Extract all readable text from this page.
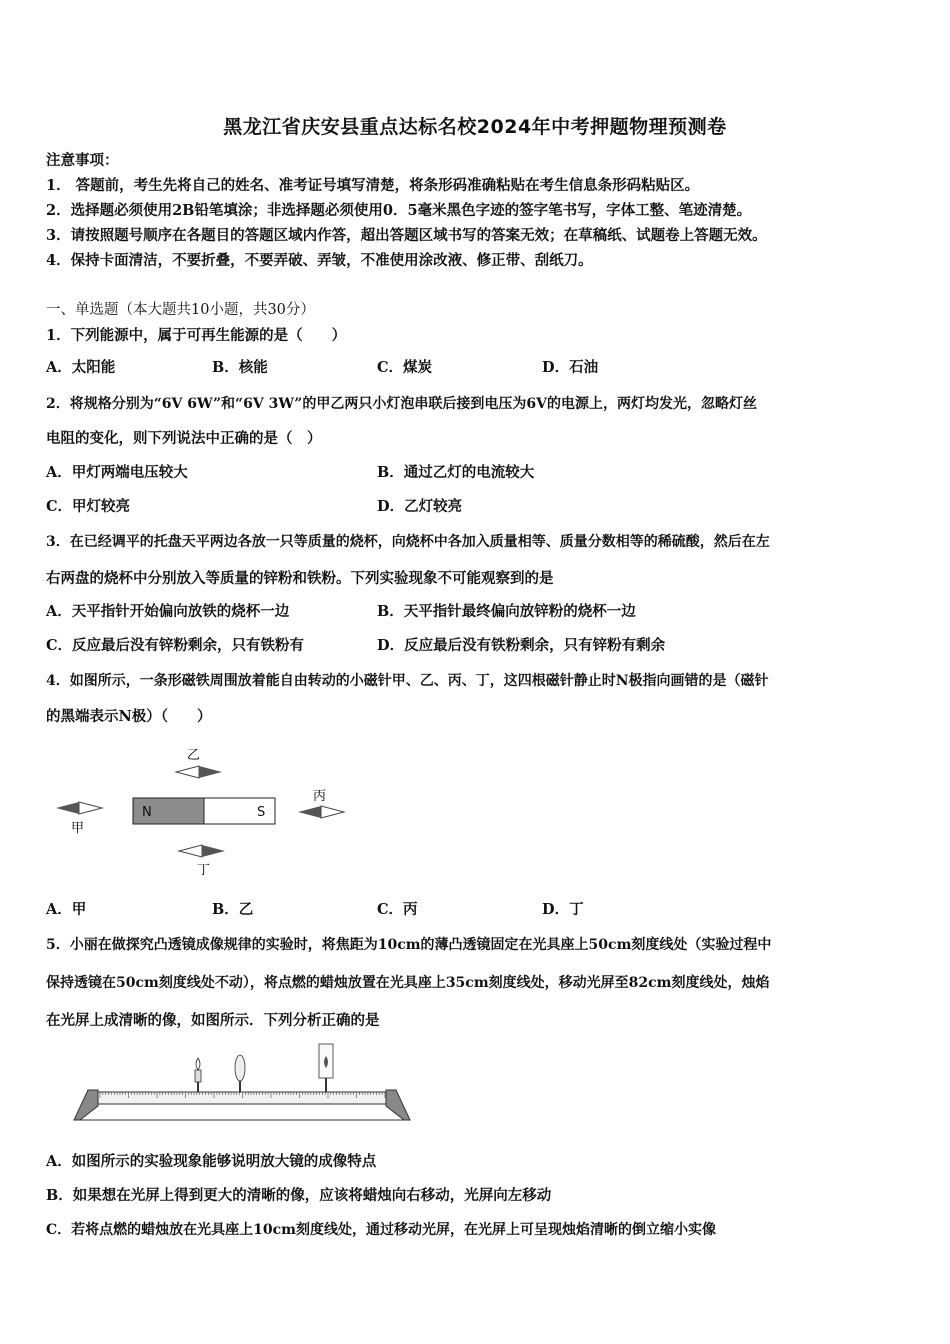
黑龙江省庆安县重点达标名校2024年中考押题物理预测卷
注意事项：
1． 答题前，考生先将自己的姓名、准考证号填写清楚，将条形码准确粘贴在考生信息条形码粘贴区。
2．选择题必须使用2B铅笔填涂；非选择题必须使用0．5毫米黑色字迹的签字笔书写，字体工整、笔迹清楚。
3．请按照题号顺序在各题目的答题区域内作答，超出答题区域书写的答案无效；在草稿纸、试题卷上答题无效。
4．保持卡面清洁，不要折叠，不要弄破、弄皱，不准使用涂改液、修正带、刮纸刀。
一、单选题（本大题共10小题，共30分）
1．下列能源中，属于可再生能源的是（　　）
A．太阳能	B．核能	C．煤炭	D．石油
2．将规格分别为“6V 6W”和“6V 3W”的甲乙两只小灯泡串联后接到电压为6V的电源上，两灯均发光，忽略灯丝
电阻的变化，则下列说法中正确的是（　）
A．甲灯两端电压较大	B．通过乙灯的电流较大
C．甲灯较亮	D．乙灯较亮
3．在已经调平的托盘天平两边各放一只等质量的烧杯，向烧杯中各加入质量相等、质量分数相等的稀硫酸，然后在左
右两盘的烧杯中分别放入等质量的锌粉和铁粉。下列实验现象不可能观察到的是
A．天平指针开始偏向放铁的烧杯一边	B．天平指针最终偏向放锌粉的烧杯一边
C．反应最后没有锌粉剩余，只有铁粉有	D．反应最后没有铁粉剩余，只有锌粉有剩余
4．如图所示，一条形磁铁周围放着能自由转动的小磁针甲、乙、丙、丁，这四根磁针静止时N极指向画错的是（磁针
的黑端表示N极）（　　）
N	S
甲
乙
丙
丁
A．甲	B．乙	C．丙	D．丁
5．小丽在做探究凸透镜成像规律的实验时，将焦距为10cm的薄凸透镜固定在光具座上50cm刻度线处（实验过程中
保持透镜在50cm刻度线处不动），将点燃的蜡烛放置在光具座上35cm刻度线处，移动光屏至82cm刻度线处，烛焰
在光屏上成清晰的像，如图所示．下列分析正确的是
A．如图所示的实验现象能够说明放大镜的成像特点
B．如果想在光屏上得到更大的清晰的像，应该将蜡烛向右移动，光屏向左移动
C．若将点燃的蜡烛放在光具座上10cm刻度线处，通过移动光屏，在光屏上可呈现烛焰清晰的倒立缩小实像
